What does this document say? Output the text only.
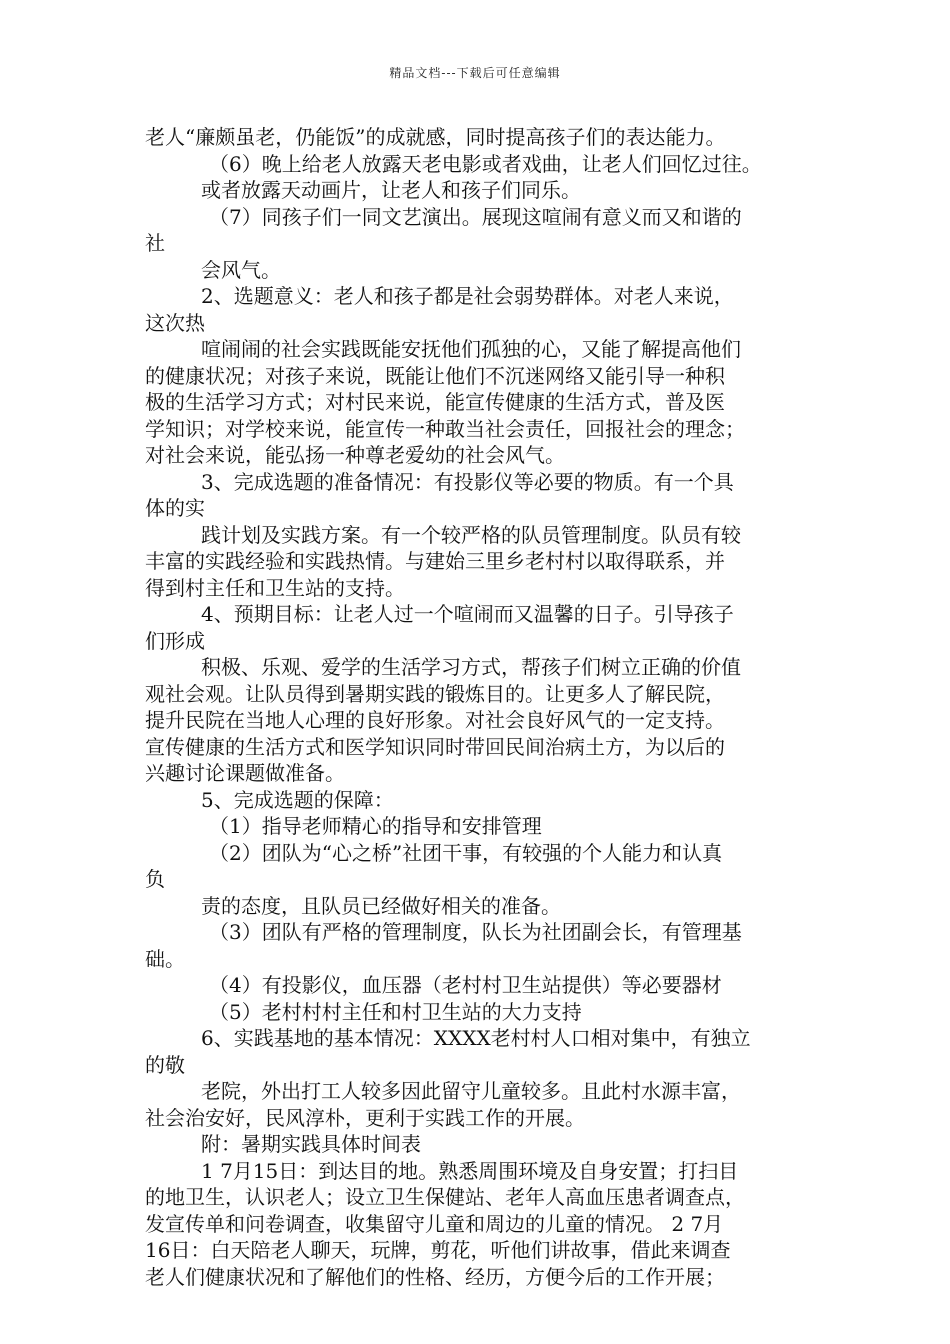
精品文档---下载后可任意编辑
老人“廉颇虽老，仍能饭”的成就感，同时提高孩子们的表达能力。
（6）晚上给老人放露天老电影或者戏曲，让老人们回忆过往。
或者放露天动画片，让老人和孩子们同乐。
（7）同孩子们一同文艺演出。展现这喧闹有意义而又和谐的
社
会风气。
2、选题意义：老人和孩子都是社会弱势群体。对老人来说，
这次热
喧闹闹的社会实践既能安抚他们孤独的心，又能了解提高他们
的健康状况；对孩子来说，既能让他们不沉迷网络又能引导一种积
极的生活学习方式；对村民来说，能宣传健康的生活方式，普及医
学知识；对学校来说，能宣传一种敢当社会责任，回报社会的理念；
对社会来说，能弘扬一种尊老爱幼的社会风气。
3、完成选题的准备情况：有投影仪等必要的物质。有一个具
体的实
践计划及实践方案。有一个较严格的队员管理制度。队员有较
丰富的实践经验和实践热情。与建始三里乡老村村以取得联系，并
得到村主任和卫生站的支持。
4、预期目标：让老人过一个喧闹而又温馨的日子。引导孩子
们形成
积极、乐观、爱学的生活学习方式，帮孩子们树立正确的价值
观社会观。让队员得到暑期实践的锻炼目的。让更多人了解民院，
提升民院在当地人心理的良好形象。对社会良好风气的一定支持。
宣传健康的生活方式和医学知识同时带回民间治病土方，为以后的
兴趣讨论课题做准备。
5、完成选题的保障：
（1）指导老师精心的指导和安排管理
（2）团队为“心之桥”社团干事，有较强的个人能力和认真
负
责的态度，且队员已经做好相关的准备。
（3）团队有严格的管理制度，队长为社团副会长，有管理基
础。
（4）有投影仪，血压器（老村村卫生站提供）等必要器材
（5）老村村村主任和村卫生站的大力支持
6、实践基地的基本情况：XXXX老村村人口相对集中，有独立
的敬
老院，外出打工人较多因此留守儿童较多。且此村水源丰富，
社会治安好，民风淳朴，更利于实践工作的开展。
附：暑期实践具体时间表
1 7月15日：到达目的地。熟悉周围环境及自身安置；打扫目
的地卫生，认识老人；设立卫生保健站、老年人高血压患者调查点，
发宣传单和问卷调查，收集留守儿童和周边的儿童的情况。 2 7月
16日：白天陪老人聊天，玩牌，剪花，听他们讲故事，借此来调查
老人们健康状况和了解他们的性格、经历，方便今后的工作开展；
